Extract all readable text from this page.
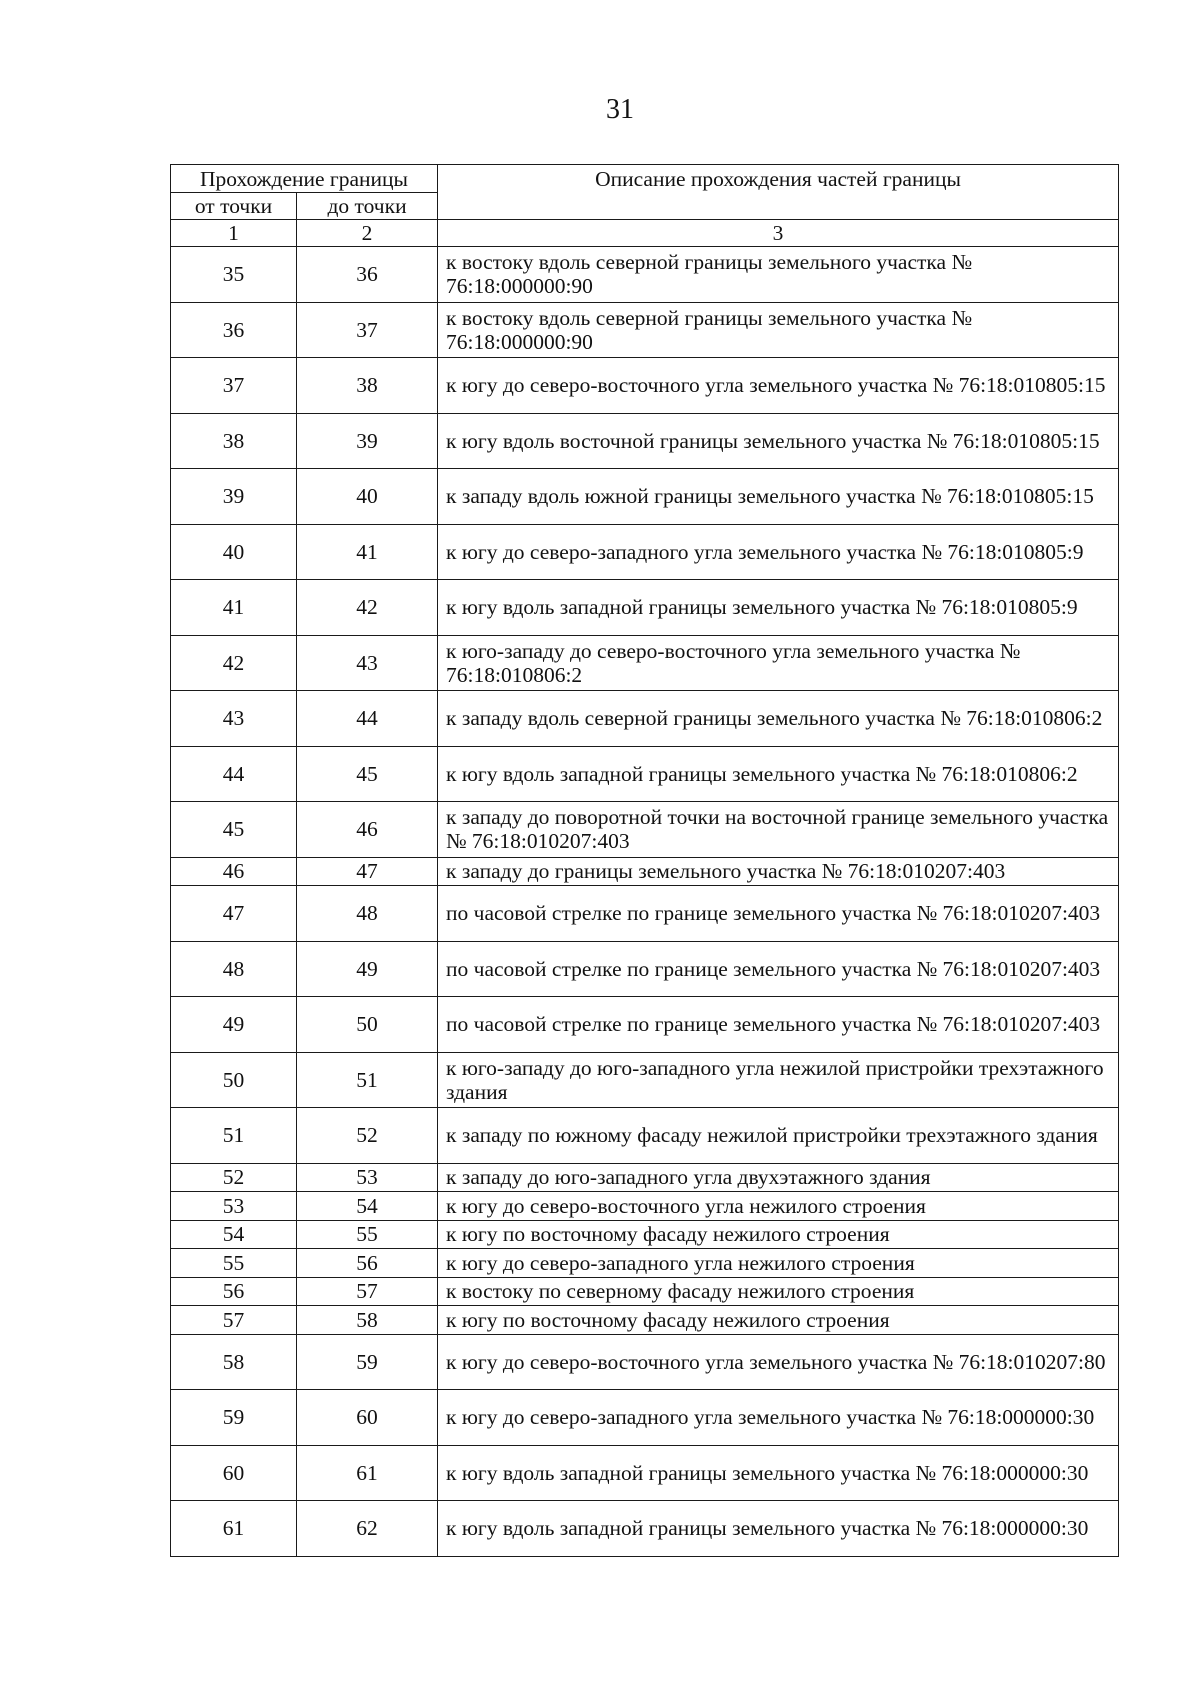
31
Прохождение границы		Описание прохождения частей границы
от точки	до точки	
1	2	3
35	36	к востоку вдоль северной границы земельного участка № 76:18:000000:90
36	37	к востоку вдоль северной границы земельного участка № 76:18:000000:90
37	38	к югу до северо-восточного угла земельного участка № 76:18:010805:15
38	39	к югу вдоль восточной границы земельного участка № 76:18:010805:15
39	40	к западу вдоль южной границы земельного участка № 76:18:010805:15
40	41	к югу до северо-западного угла земельного участка № 76:18:010805:9
41	42	к югу вдоль западной границы земельного участка № 76:18:010805:9
42	43	к юго-западу до северо-восточного угла земельного участка № 76:18:010806:2
43	44	к западу вдоль северной границы земельного участка № 76:18:010806:2
44	45	к югу вдоль западной границы земельного участка № 76:18:010806:2
45	46	к западу до поворотной точки на восточной границе земельного участка № 76:18:010207:403
46	47	к западу до границы земельного участка № 76:18:010207:403
47	48	по часовой стрелке по границе земельного участка № 76:18:010207:403
48	49	по часовой стрелке по границе земельного участка № 76:18:010207:403
49	50	по часовой стрелке по границе земельного участка № 76:18:010207:403
50	51	к юго-западу до юго-западного угла нежилой пристройки трехэтажного здания
51	52	к западу по южному фасаду нежилой пристройки трехэтажного здания
52	53	к западу до юго-западного угла двухэтажного здания
53	54	к югу до северо-восточного угла нежилого строения
54	55	к югу по восточному фасаду нежилого строения
55	56	к югу до северо-западного угла нежилого строения
56	57	к востоку по северному фасаду нежилого строения
57	58	к югу по восточному фасаду нежилого строения
58	59	к югу до северо-восточного угла земельного участка № 76:18:010207:80
59	60	к югу до северо-западного угла земельного участка № 76:18:000000:30
60	61	к югу вдоль западной границы земельного участка № 76:18:000000:30
61	62	к югу вдоль западной границы земельного участка № 76:18:000000:30
